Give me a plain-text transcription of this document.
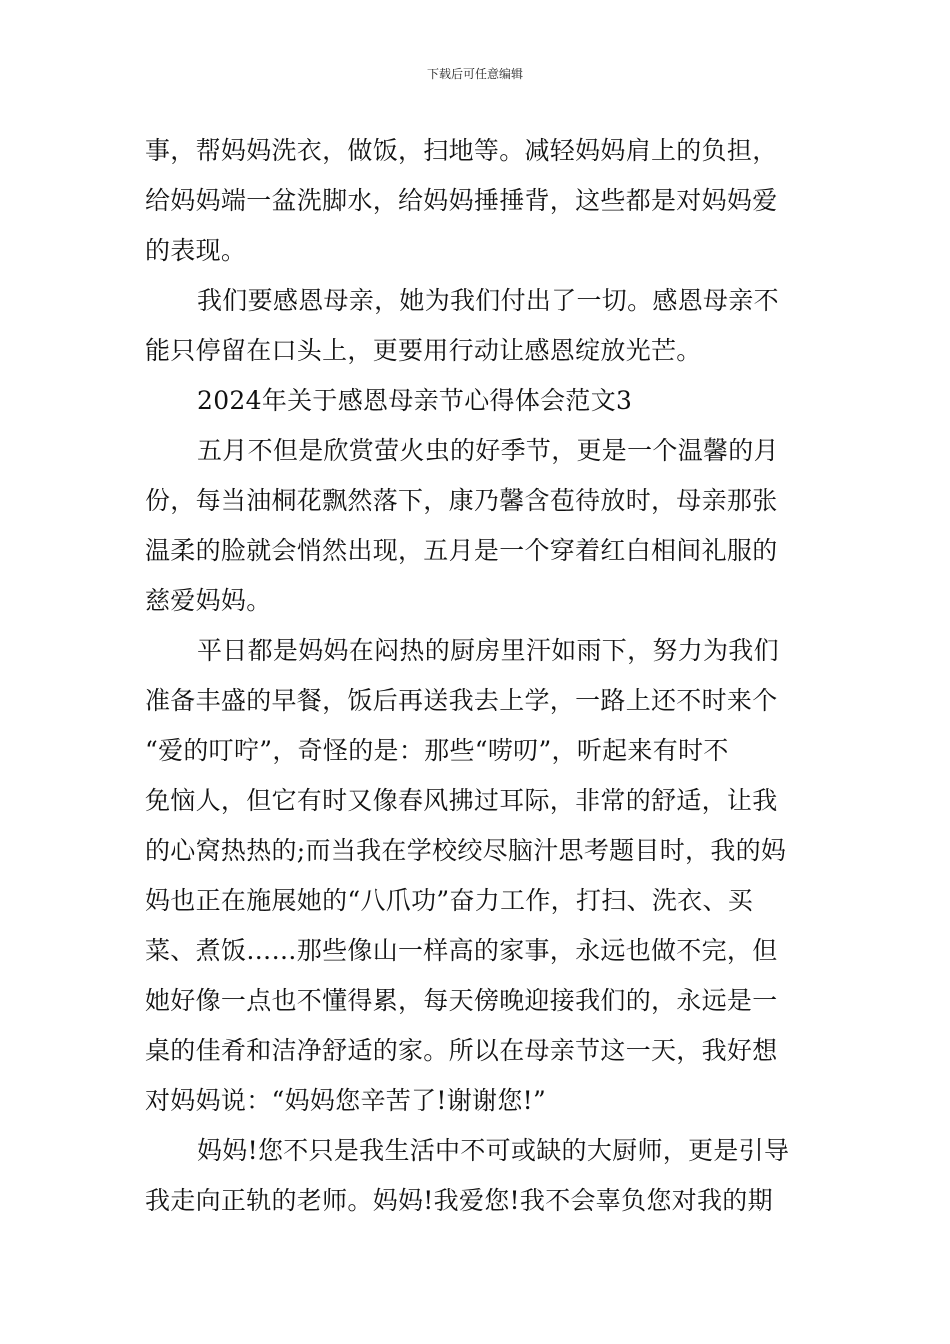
下载后可任意编辑
事，帮妈妈洗衣，做饭，扫地等。减轻妈妈肩上的负担，
给妈妈端一盆洗脚水，给妈妈捶捶背，这些都是对妈妈爱
的表现。
我们要感恩母亲，她为我们付出了一切。感恩母亲不
能只停留在口头上，更要用行动让感恩绽放光芒。
2024年关于感恩母亲节心得体会范文3
五月不但是欣赏萤火虫的好季节，更是一个温馨的月
份，每当油桐花飘然落下，康乃馨含苞待放时，母亲那张
温柔的脸就会悄然出现，五月是一个穿着红白相间礼服的
慈爱妈妈。
平日都是妈妈在闷热的厨房里汗如雨下，努力为我们
准备丰盛的早餐，饭后再送我去上学，一路上还不时来个
“爱的叮咛”，奇怪的是：那些“唠叨”，听起来有时不
免恼人，但它有时又像春风拂过耳际，非常的舒适，让我
的心窝热热的;而当我在学校绞尽脑汁思考题目时，我的妈
妈也正在施展她的“八爪功”奋力工作，打扫、洗衣、买
菜、煮饭……那些像山一样高的家事，永远也做不完，但
她好像一点也不懂得累，每天傍晚迎接我们的，永远是一
桌的佳肴和洁净舒适的家。所以在母亲节这一天，我好想
对妈妈说：“妈妈您辛苦了!谢谢您!”
妈妈!您不只是我生活中不可或缺的大厨师，更是引导
我走向正轨的老师。妈妈!我爱您!我不会辜负您对我的期
